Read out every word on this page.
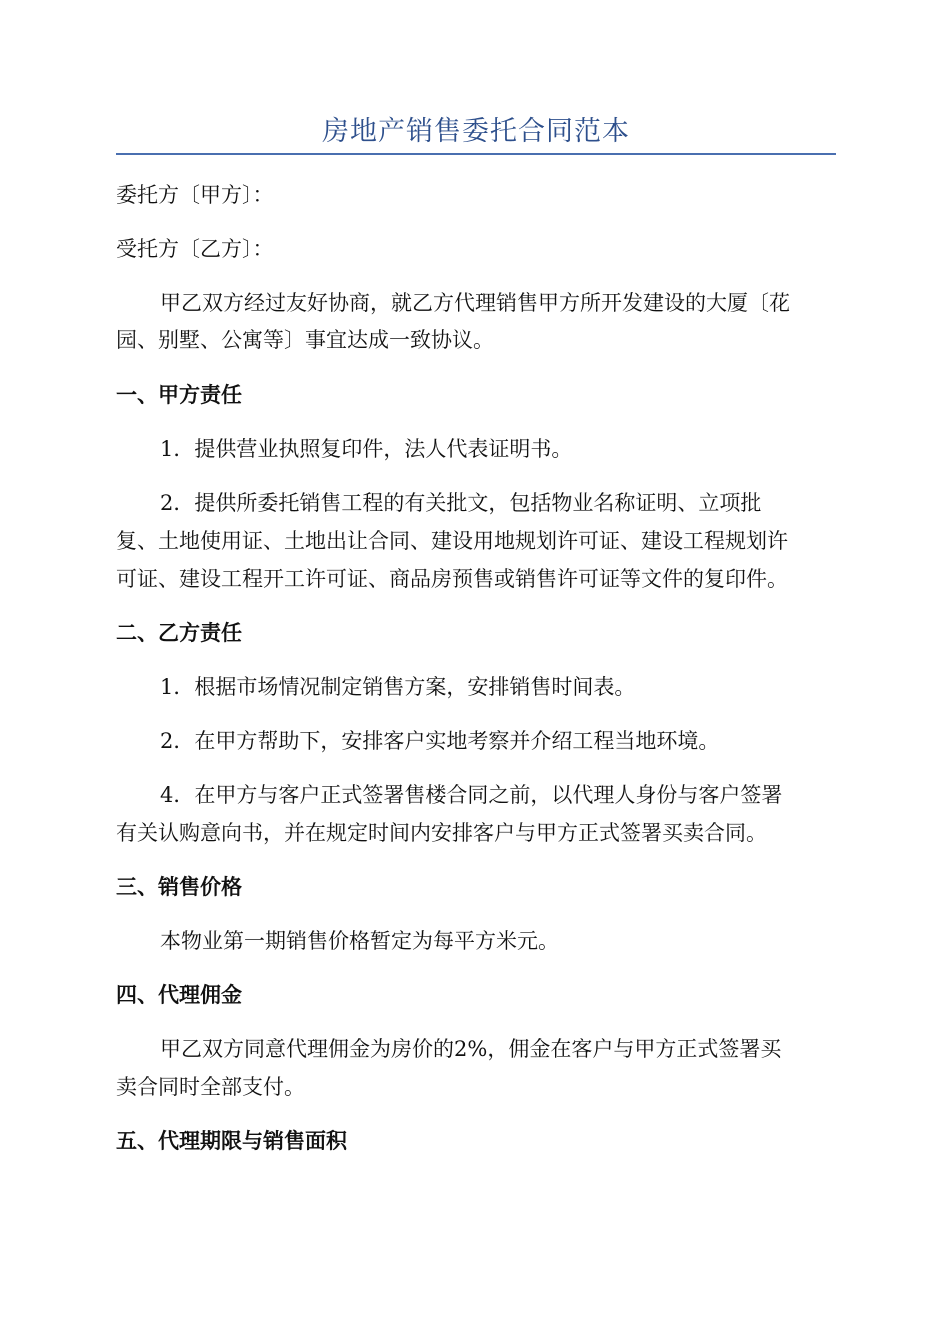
房地产销售委托合同范本
委托方〔甲方〕：
受托方〔乙方〕：
甲乙双方经过友好协商，就乙方代理销售甲方所开发建设的大厦〔花
园、别墅、公寓等〕事宜达成一致协议。
一、甲方责任
1．提供营业执照复印件，法人代表证明书。
2．提供所委托销售工程的有关批文，包括物业名称证明、立项批
复、土地使用证、土地出让合同、建设用地规划许可证、建设工程规划许
可证、建设工程开工许可证、商品房预售或销售许可证等文件的复印件。
二、乙方责任
1．根据市场情况制定销售方案，安排销售时间表。
2．在甲方帮助下，安排客户实地考察并介绍工程当地环境。
4．在甲方与客户正式签署售楼合同之前，以代理人身份与客户签署
有关认购意向书，并在规定时间内安排客户与甲方正式签署买卖合同。
三、销售价格
本物业第一期销售价格暂定为每平方米元。
四、代理佣金
甲乙双方同意代理佣金为房价的2%，佣金在客户与甲方正式签署买
卖合同时全部支付。
五、代理期限与销售面积
